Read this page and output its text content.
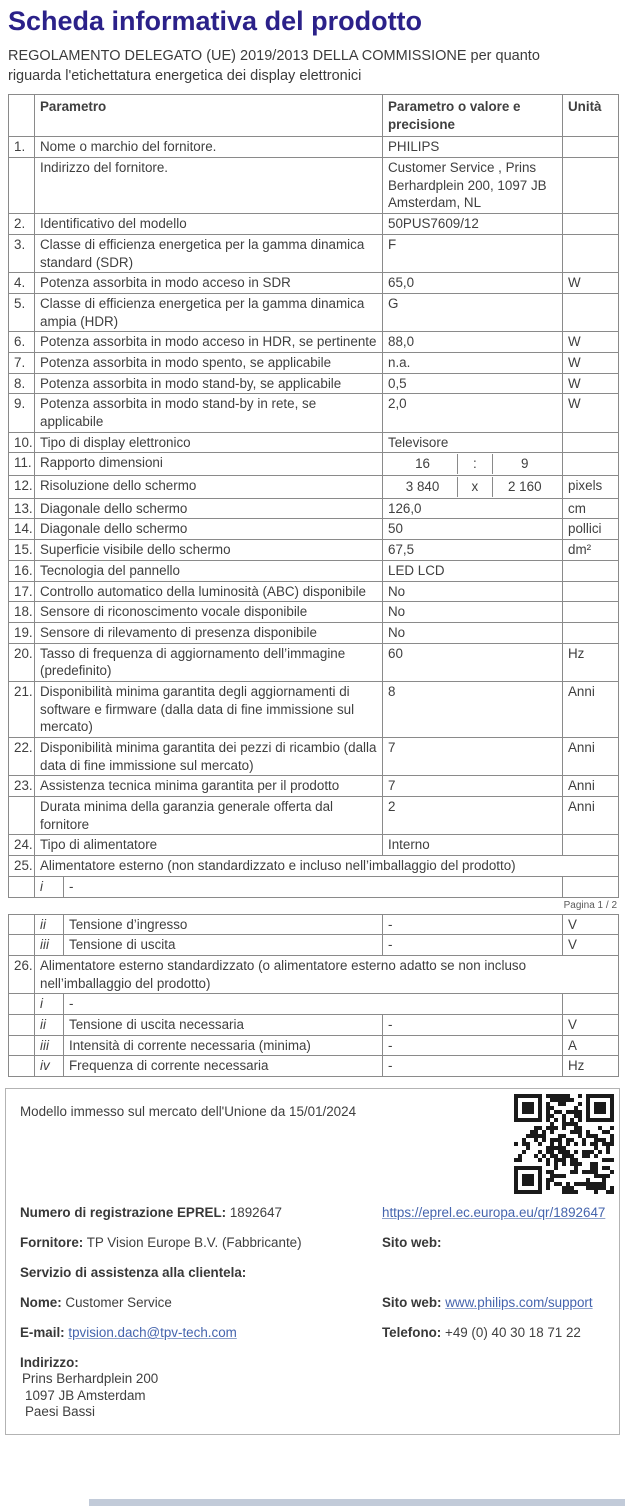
Scheda informativa del prodotto

REGOLAMENTO DELEGATO (UE) 2019/2013 DELLA COMMISSIONE per quanto riguarda l'etichettatura energetica dei display elettronici

	Parametro		Parametro o valore e precisione	Unità
1.	Nome o marchio del fornitore.		PHILIPS	
	Indirizzo del fornitore.		Customer Service , Prins Berhardplein 200, 1097 JB Amsterdam, NL	
2.	Identificativo del modello		50PUS7609/12	
3.	Classe di efficienza energetica per la gamma dinamica standard (SDR)		F	
4.	Potenza assorbita in modo acceso in SDR		65,0	W
5.	Classe di efficienza energetica per la gamma dinamica ampia (HDR)		G	
6.	Potenza assorbita in modo acceso in HDR, se pertinente		88,0	W
7.	Potenza assorbita in modo spento, se applicabile		n.a.	W
8.	Potenza assorbita in modo stand-by, se applicabile		0,5	W
9.	Potenza assorbita in modo stand-by in rete, se applicabile		2,0	W
10.	Tipo di display elettronico		Televisore	
11.	Rapporto dimensioni		16 : 9	

12.	Risoluzione dello schermo		3 840 x 2 160	pixels
13.	Diagonale dello schermo		126,0	cm
14.	Diagonale dello schermo		50	pollici
15.	Superficie visibile dello schermo		67,5	dm²
16.	Tecnologia del pannello		LED LCD	
17.	Controllo automatico della luminosità (ABC) disponibile		No	
18.	Sensore di riconoscimento vocale disponibile		No	
19.	Sensore di rilevamento di presenza disponibile		No	
20.	Tasso di frequenza di aggiornamento dell’immagine (predefinito)		60	Hz
21.	Disponibilità minima garantita degli aggiornamenti di software e firmware (dalla data di fine immissione sul mercato)		8	Anni
22.	Disponibilità minima garantita dei pezzi di ricambio (dalla data di fine immissione sul mercato)		7	Anni
23.	Assistenza tecnica minima garantita per il prodotto		7	Anni
	Durata minima della garanzia generale offerta dal fornitore		2	Anni
24.	Tipo di alimentatore		Interno	
25.	Alimentatore esterno (non standardizzato e incluso nell’imballaggio del prodotto)			
	i	-		
Pagina 1 / 2
	ii	Tensione d’ingresso	-	V
	iii	Tensione di uscita	-	V
26.	Alimentatore esterno standardizzato (o alimentatore esterno adatto se non incluso nell’imballaggio del prodotto)			
	i	-		
	ii	Tensione di uscita necessaria	-	V
	iii	Intensità di corrente necessaria (minima)	-	A
	iv	Frequenza di corrente necessaria	-	Hz
Modello immesso sul mercato dell'Unione da 15/01/2024
Numero di registrazione EPREL: 1892647	https://eprel.ec.europa.eu/qr/1892647
Fornitore: TP Vision Europe B.V. (Fabbricante)	Sito web:
Servizio di assistenza alla clientela:
Nome: Customer Service	Sito web: www.philips.com/support
E-mail: tpvision.dach@tpv-tech.com	Telefono: +49 (0) 40 30 18 71 22
Indirizzo:
Prins Berhardplein 200
1097 JB Amsterdam
Paesi Bassi
